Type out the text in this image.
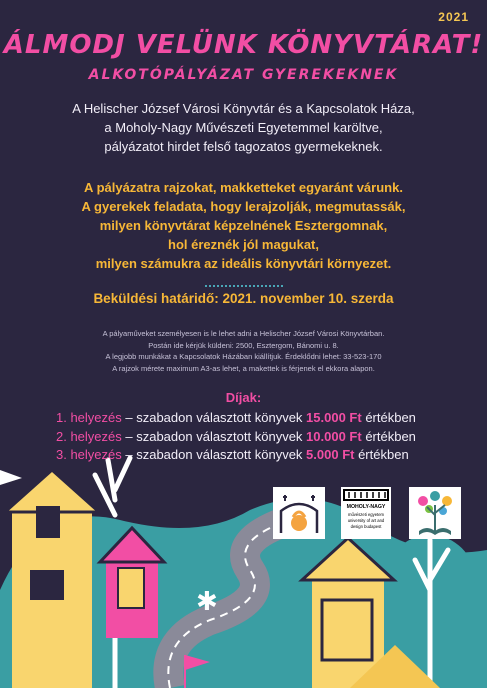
✱
2021
ÁLMODJ VELÜNK KÖNYVTÁRAT!
ALKOTÓPÁLYÁZAT GYEREKEKNEK
A Helischer József Városi Könyvtár és a Kapcsolatok Háza,
a Moholy-Nagy Művészeti Egyetemmel karöltve,
pályázatot hirdet felső tagozatos gyermekeknek.
A pályázatra rajzokat, makketteket egyaránt várunk.
A gyerekek feladata, hogy lerajzolják, megmutassák,
milyen könyvtárat képzelnének Esztergomnak,
hol éreznék jól magukat,
milyen számukra az ideális könyvtári környezet.
Beküldési határidő: 2021. november 10. szerda
A pályaműveket személyesen is le lehet adni a Helischer József Városi Könyvtárban.
Postán ide kérjük küldeni: 2500, Esztergom, Bánomi u. 8.
A legjobb munkákat a Kapcsolatok Házában kiállítjuk. Érdeklődni lehet: 33-523-170
A rajzok mérete maximum A3-as lehet, a makettek is férjenek el ekkora alapon.
Díjak:
1. helyezés – szabadon választott könyvek 15.000 Ft értékben
2. helyezés – szabadon választott könyvek 10.000 Ft értékben
3. helyezés – szabadon választott könyvek 5.000 Ft értékben
MOHOLY-NAGY
művészeti egyetem
university of art and
design budapest
